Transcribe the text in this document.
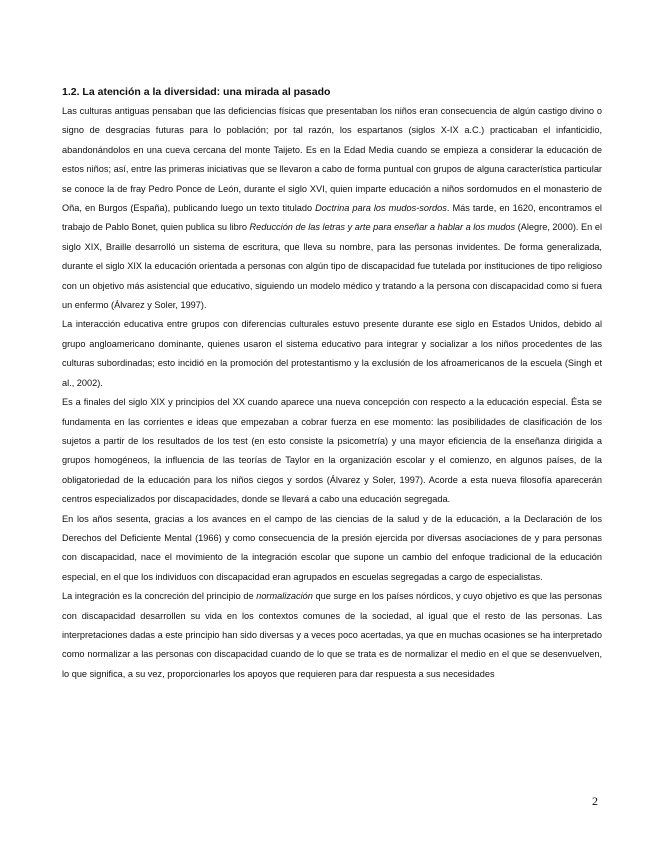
1.2. La atención a la diversidad: una mirada al pasado

Las culturas antiguas pensaban que las deficiencias físicas que presentaban los niños eran consecuencia de algún castigo divino o signo de desgracias futuras para lo población; por tal razón, los espartanos (siglos X-IX a.C.) practicaban el infanticidio, abandonándolos en una cueva cercana del monte Taijeto. Es en la Edad Media cuando se empieza a considerar la educación de estos niños; así, entre las primeras iniciativas que se llevaron a cabo de forma puntual con grupos de alguna característica particular se conoce la de fray Pedro Ponce de León, durante el siglo XVI, quien imparte educación a niños sordomudos en el monasterio de Oña, en Burgos (España), publicando luego un texto titulado Doctrina para los mudos-sordos. Más tarde, en 1620, encontramos el trabajo de Pablo Bonet, quien publica su libro Reducción de las letras y arte para enseñar a hablar a los mudos (Alegre, 2000). En el siglo XIX, Braille desarrolló un sistema de escritura, que lleva su nombre, para las personas invidentes. De forma generalizada, durante el siglo XIX la educación orientada a personas con algún tipo de discapacidad fue tutelada por instituciones de tipo religioso con un objetivo más asistencial que educativo, siguiendo un modelo médico y tratando a la persona con discapacidad como si fuera un enfermo (Álvarez y Soler, 1997).

La interacción educativa entre grupos con diferencias culturales estuvo presente durante ese siglo en Estados Unidos, debido al grupo angloamericano dominante, quienes usaron el sistema educativo para integrar y socializar a los niños procedentes de las culturas subordinadas; esto incidió en la promoción del protestantismo y la exclusión de los afroamericanos de la escuela (Singh et al., 2002).

Es a finales del siglo XIX y principios del XX cuando aparece una nueva concepción con respecto a la educación especial. Ésta se fundamenta en las corrientes e ideas que empezaban a cobrar fuerza en ese momento: las posibilidades de clasificación de los sujetos a partir de los resultados de los test (en esto consiste la psicometría) y una mayor eficiencia de la enseñanza dirigida a grupos homogéneos, la influencia de las teorías de Taylor en la organización escolar y el comienzo, en algunos países, de la obligatoriedad de la educación para los niños ciegos y sordos (Álvarez y Soler, 1997). Acorde a esta nueva filosofía aparecerán centros especializados por discapacidades, donde se llevará a cabo una educación segregada.

En los años sesenta, gracias a los avances en el campo de las ciencias de la salud y de la educación, a la Declaración de los Derechos del Deficiente Mental (1966) y como consecuencia de la presión ejercida por diversas asociaciones de y para personas con discapacidad, nace el movimiento de la integración escolar que supone un cambio del enfoque tradicional de la educación especial, en el que los individuos con discapacidad eran agrupados en escuelas segregadas a cargo de especialistas.

La integración es la concreción del principio de normalización que surge en los países nórdicos, y cuyo objetivo es que las personas con discapacidad desarrollen su vida en los contextos comunes de la sociedad, al igual que el resto de las personas. Las interpretaciones dadas a este principio han sido diversas y a veces poco acertadas, ya que en muchas ocasiones se ha interpretado como normalizar a las personas con discapacidad cuando de lo que se trata es de normalizar el medio en el que se desenvuelven, lo que significa, a su vez, proporcionarles los apoyos que requieren para dar respuesta a sus necesidades

2
